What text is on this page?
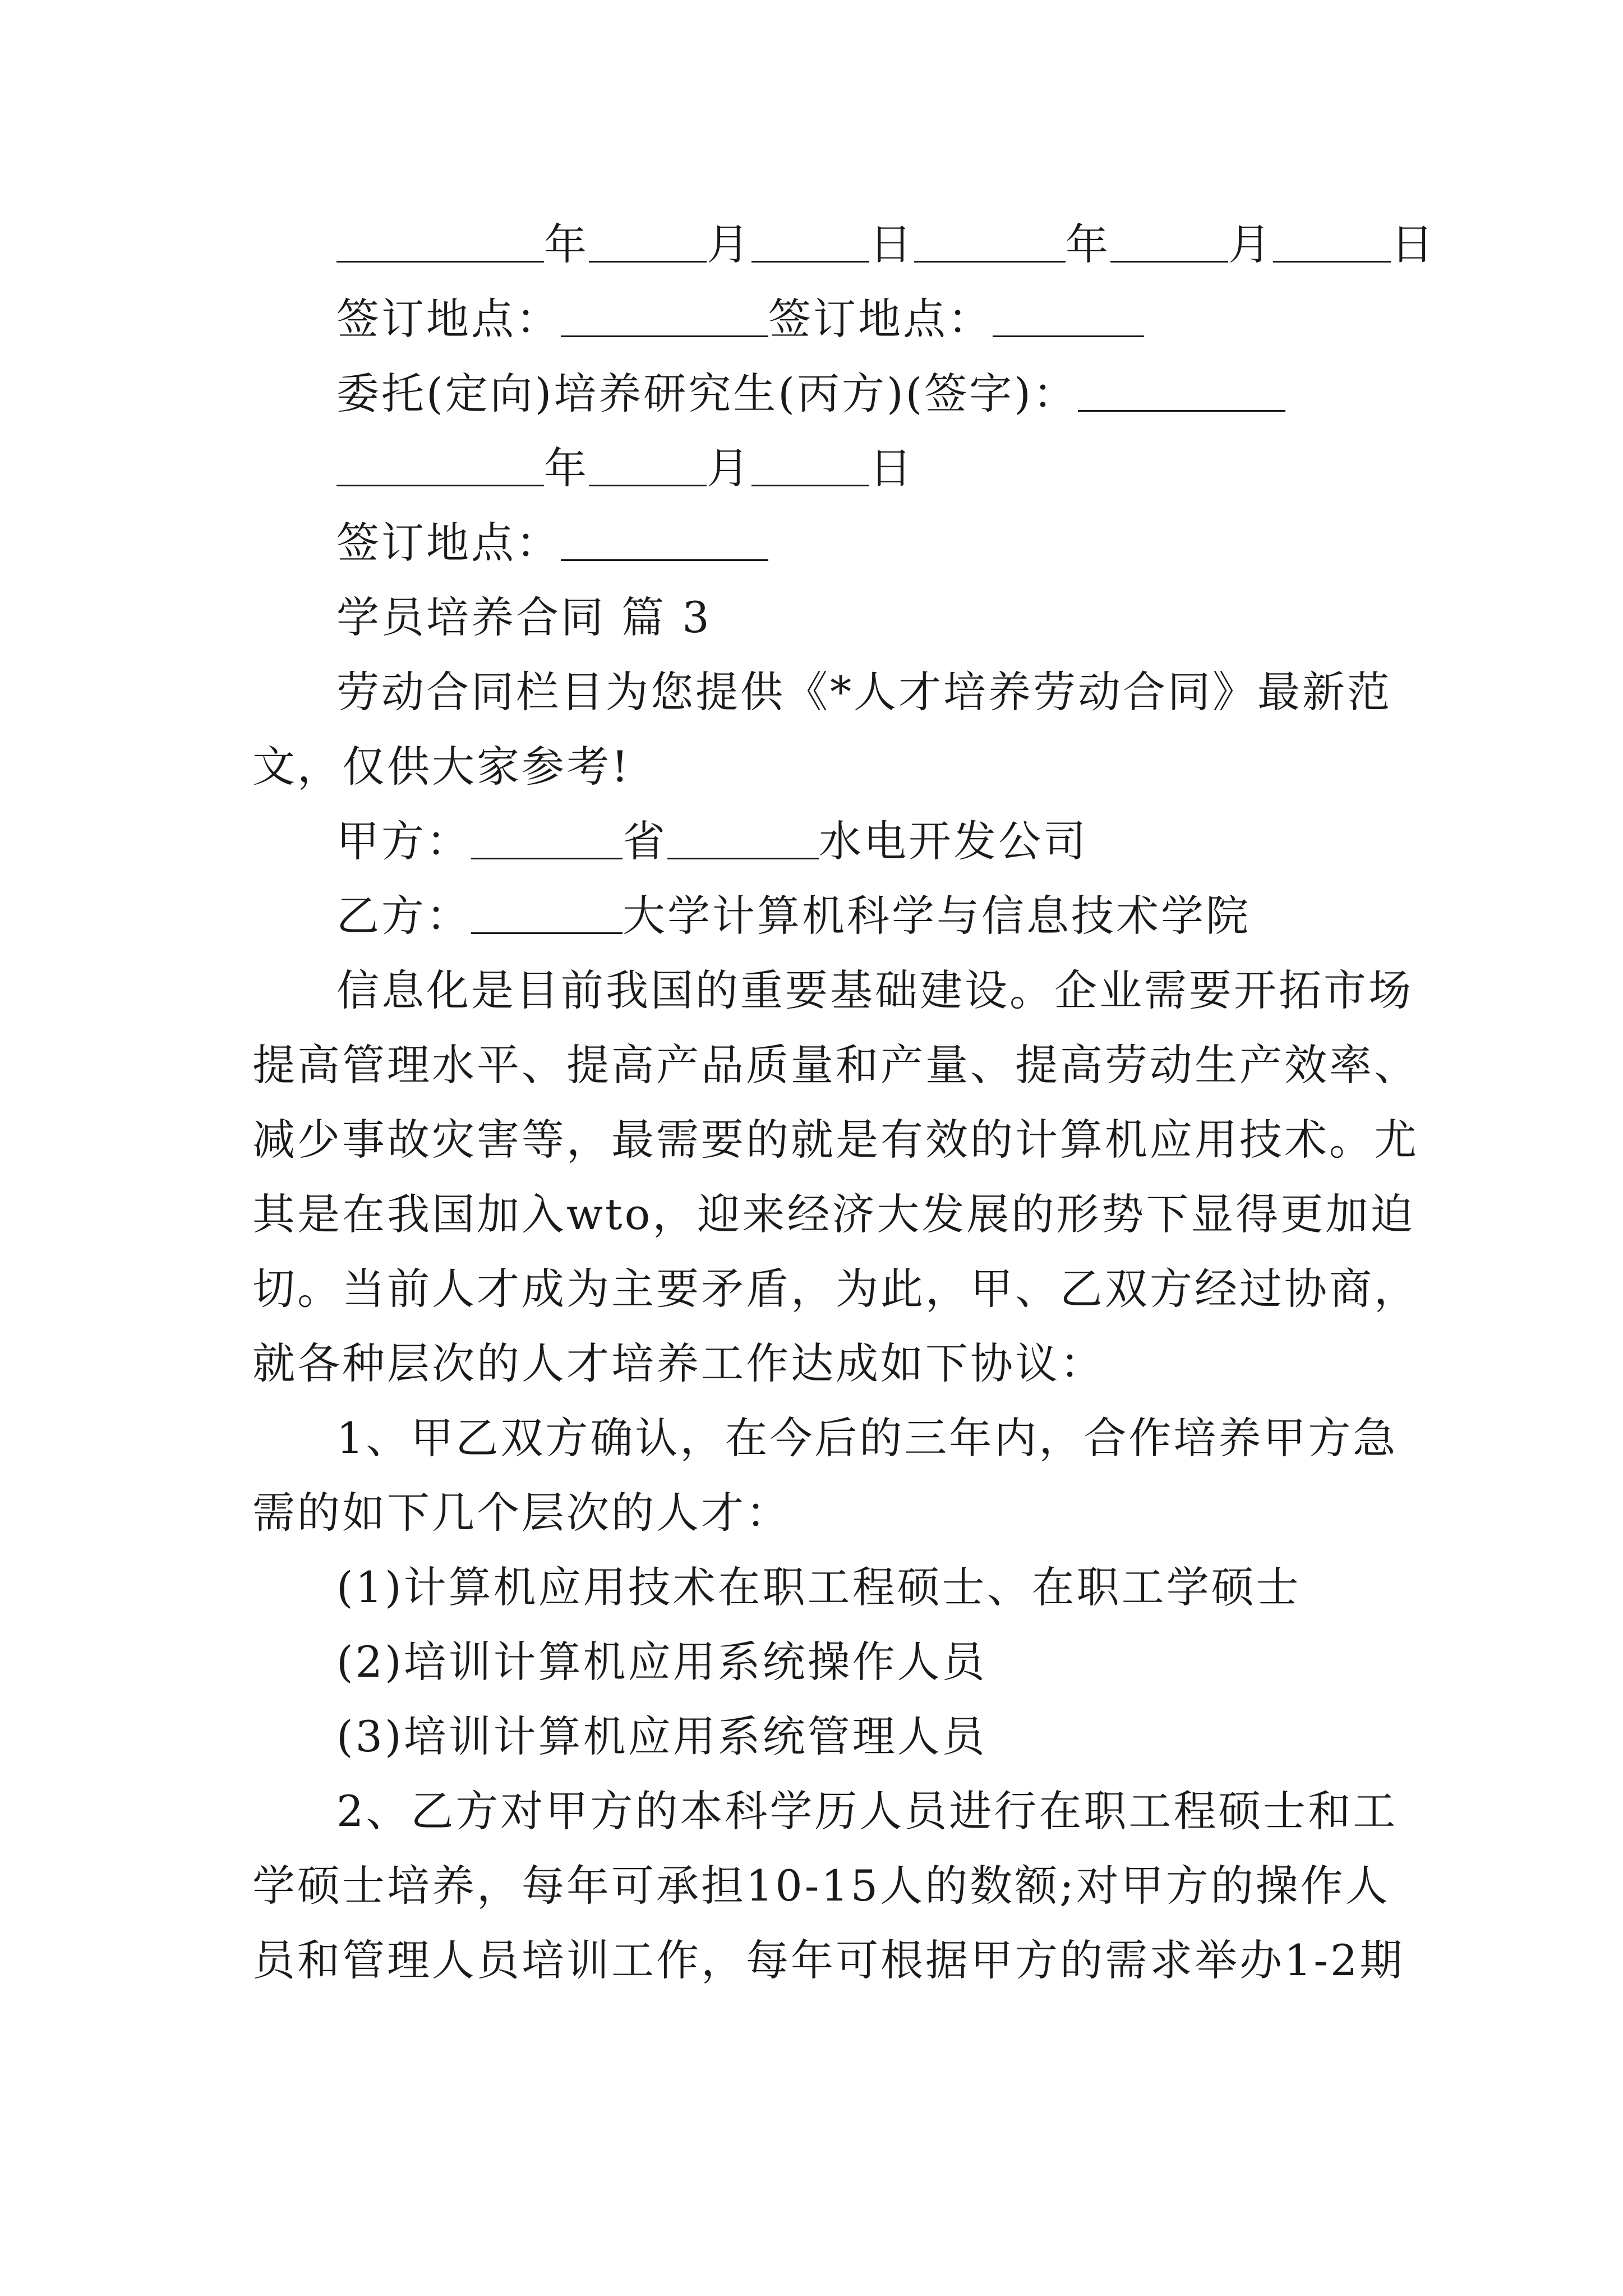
年	月	日	年	月	日
签订地点：	签订地点：
委托(定向)培养研究生(丙方)(签字)：
年	月	日
签订地点：
学员培养合同 篇 3
劳动合同栏目为您提供《*人才培养劳动合同》最新范
文，仅供大家参考!
甲方：	省	水电开发公司
乙方：	大学计算机科学与信息技术学院
信息化是目前我国的重要基础建设。企业需要开拓市场
提高管理水平、提高产品质量和产量、提高劳动生产效率、
减少事故灾害等，最需要的就是有效的计算机应用技术。尤
其是在我国加入wto，迎来经济大发展的形势下显得更加迫
切。当前人才成为主要矛盾，为此，甲、乙双方经过协商，
就各种层次的人才培养工作达成如下协议：
1、甲乙双方确认，在今后的三年内，合作培养甲方急
需的如下几个层次的人才：
(1)计算机应用技术在职工程硕士、在职工学硕士
(2)培训计算机应用系统操作人员
(3)培训计算机应用系统管理人员
2、乙方对甲方的本科学历人员进行在职工程硕士和工
学硕士培养，每年可承担10-15人的数额;对甲方的操作人
员和管理人员培训工作，每年可根据甲方的需求举办1-2期
